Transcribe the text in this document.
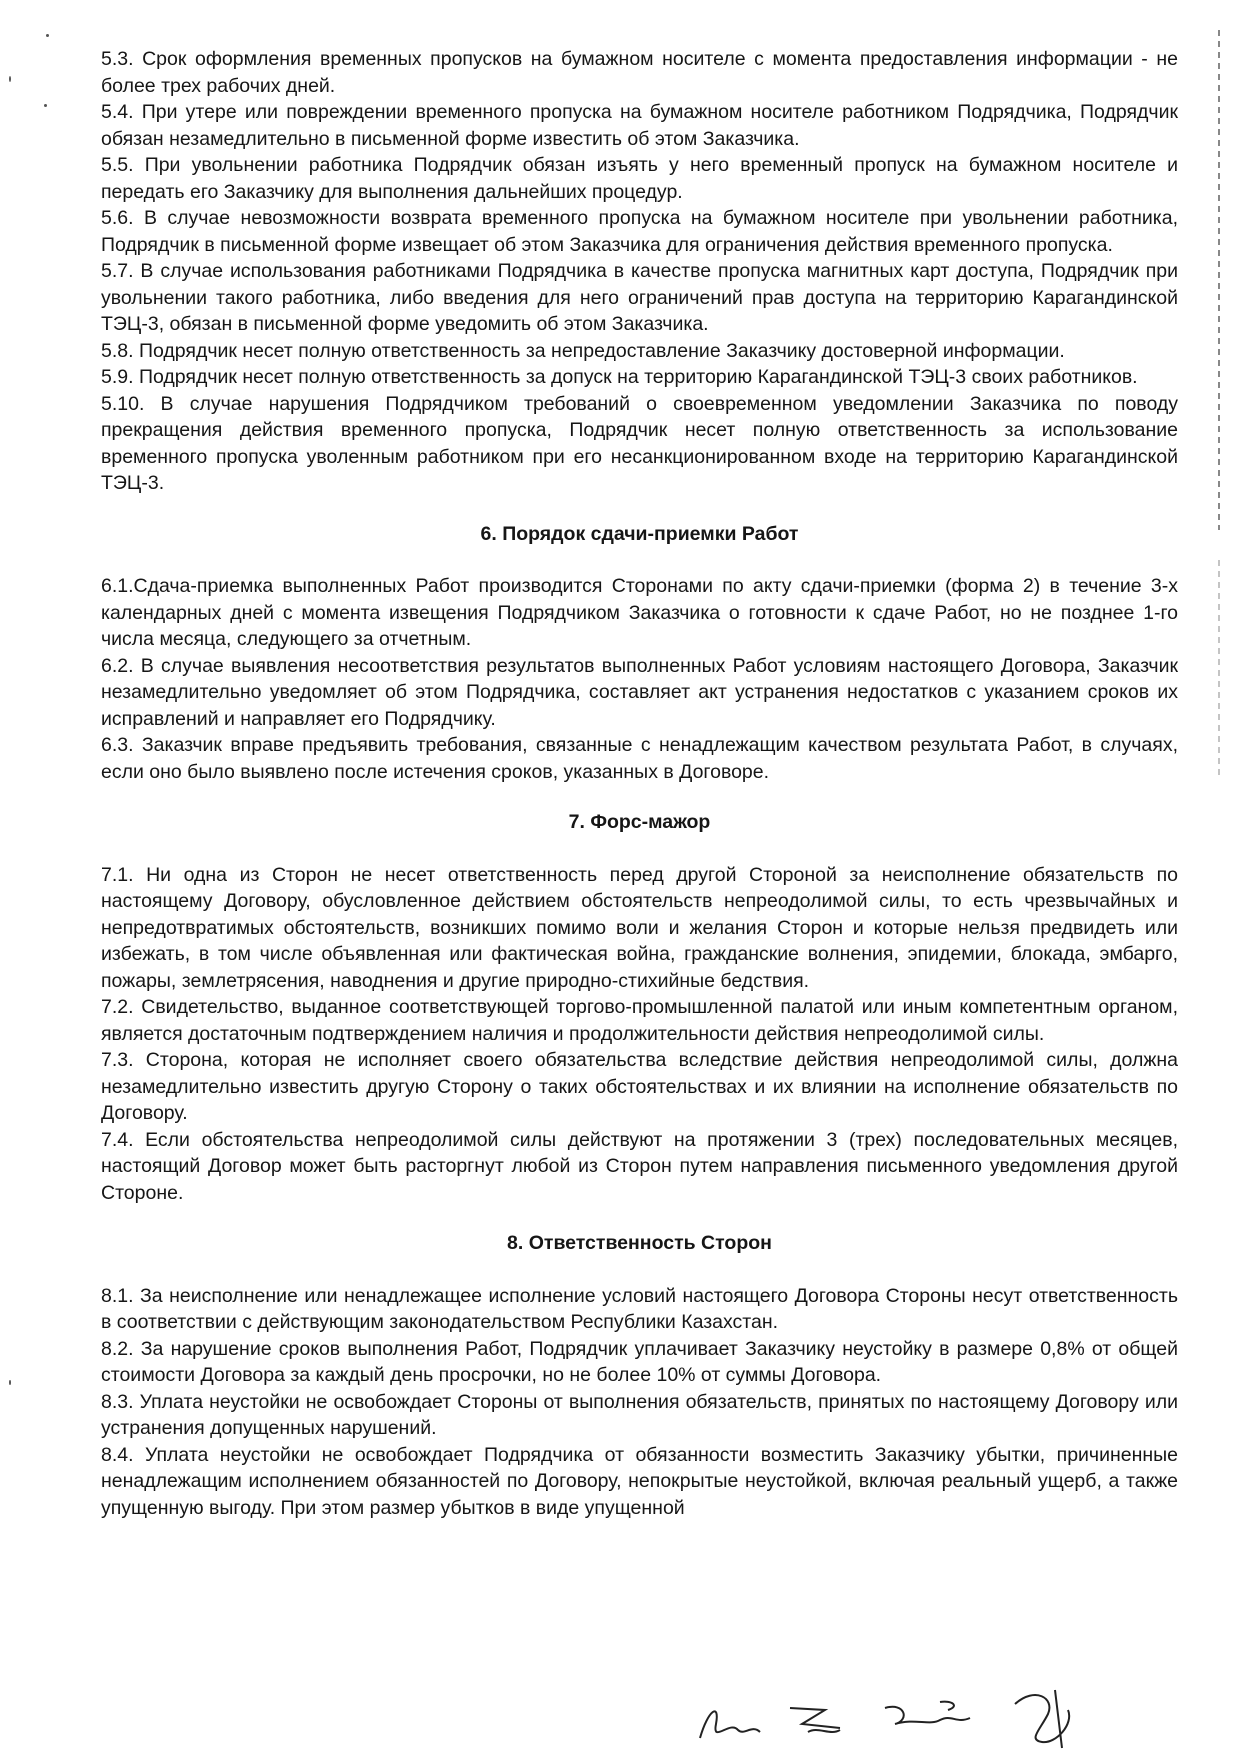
5.3. Срок оформления временных пропусков на бумажном носителе с момента предоставления информации - не более трех рабочих дней.

5.4. При утере или повреждении временного пропуска на бумажном носителе работником Подрядчика, Подрядчик обязан незамедлительно в письменной форме известить об этом Заказчика.

5.5. При увольнении работника Подрядчик обязан изъять у него временный пропуск на бумажном носителе и передать его Заказчику для выполнения дальнейших процедур.

5.6. В случае невозможности возврата временного пропуска на бумажном носителе при увольнении работника, Подрядчик в письменной форме извещает об этом Заказчика для ограничения действия временного пропуска.

5.7. В случае использования работниками Подрядчика в качестве пропуска магнитных карт доступа, Подрядчик при увольнении такого работника, либо введения для него ограничений прав доступа на территорию Карагандинской ТЭЦ-3, обязан в письменной форме уведомить об этом Заказчика.

5.8. Подрядчик несет полную ответственность за непредоставление Заказчику достоверной информации.

5.9. Подрядчик несет полную ответственность за допуск на территорию Карагандинской ТЭЦ-3 своих работников.

5.10. В случае нарушения Подрядчиком требований о своевременном уведомлении Заказчика по поводу прекращения действия временного пропуска, Подрядчик несет полную ответственность за использование временного пропуска уволенным работником при его несанкционированном входе на территорию Карагандинской ТЭЦ-3.

6. Порядок сдачи-приемки Работ

6.1.Сдача-приемка выполненных Работ производится Сторонами по акту сдачи-приемки (форма 2) в течение 3-х календарных дней с момента извещения Подрядчиком Заказчика о готовности к сдаче Работ, но не позднее 1-го числа месяца, следующего за отчетным.

6.2. В случае выявления несоответствия результатов выполненных Работ условиям настоящего Договора, Заказчик незамедлительно уведомляет об этом Подрядчика, составляет акт устранения недостатков с указанием сроков их исправлений и направляет его Подрядчику.

6.3. Заказчик вправе предъявить требования, связанные с ненадлежащим качеством результата Работ, в случаях, если оно было выявлено после истечения сроков, указанных в Договоре.

7. Форс-мажор

7.1. Ни одна из Сторон не несет ответственность перед другой Стороной за неисполнение обязательств по настоящему Договору, обусловленное действием обстоятельств непреодолимой силы, то есть чрезвычайных и непредотвратимых обстоятельств, возникших помимо воли и желания Сторон и которые нельзя предвидеть или избежать, в том числе объявленная или фактическая война, гражданские волнения, эпидемии, блокада, эмбарго, пожары, землетрясения, наводнения и другие природно-стихийные бедствия.

7.2. Свидетельство, выданное соответствующей торгово-промышленной палатой или иным компетентным органом, является достаточным подтверждением наличия и продолжительности действия непреодолимой силы.

7.3. Сторона, которая не исполняет своего обязательства вследствие действия непреодолимой силы, должна незамедлительно известить другую Сторону о таких обстоятельствах и их влиянии на исполнение обязательств по Договору.

7.4. Если обстоятельства непреодолимой силы действуют на протяжении 3 (трех) последовательных месяцев, настоящий Договор может быть расторгнут любой из Сторон путем направления письменного уведомления другой Стороне.

8. Ответственность Сторон

8.1. За неисполнение или ненадлежащее исполнение условий настоящего Договора Стороны несут ответственность в соответствии с действующим законодательством Республики Казахстан.

8.2. За нарушение сроков выполнения Работ, Подрядчик уплачивает Заказчику неустойку в размере 0,8% от общей стоимости Договора за каждый день просрочки, но не более 10% от суммы Договора.

8.3. Уплата неустойки не освобождает Стороны от выполнения обязательств, принятых по настоящему Договору или устранения допущенных нарушений.

8.4. Уплата неустойки не освобождает Подрядчика от обязанности возместить Заказчику убытки, причиненные ненадлежащим исполнением обязанностей по Договору, непокрытые неустойкой, включая реальный ущерб, а также упущенную выгоду. При этом размер убытков в виде упущенной
